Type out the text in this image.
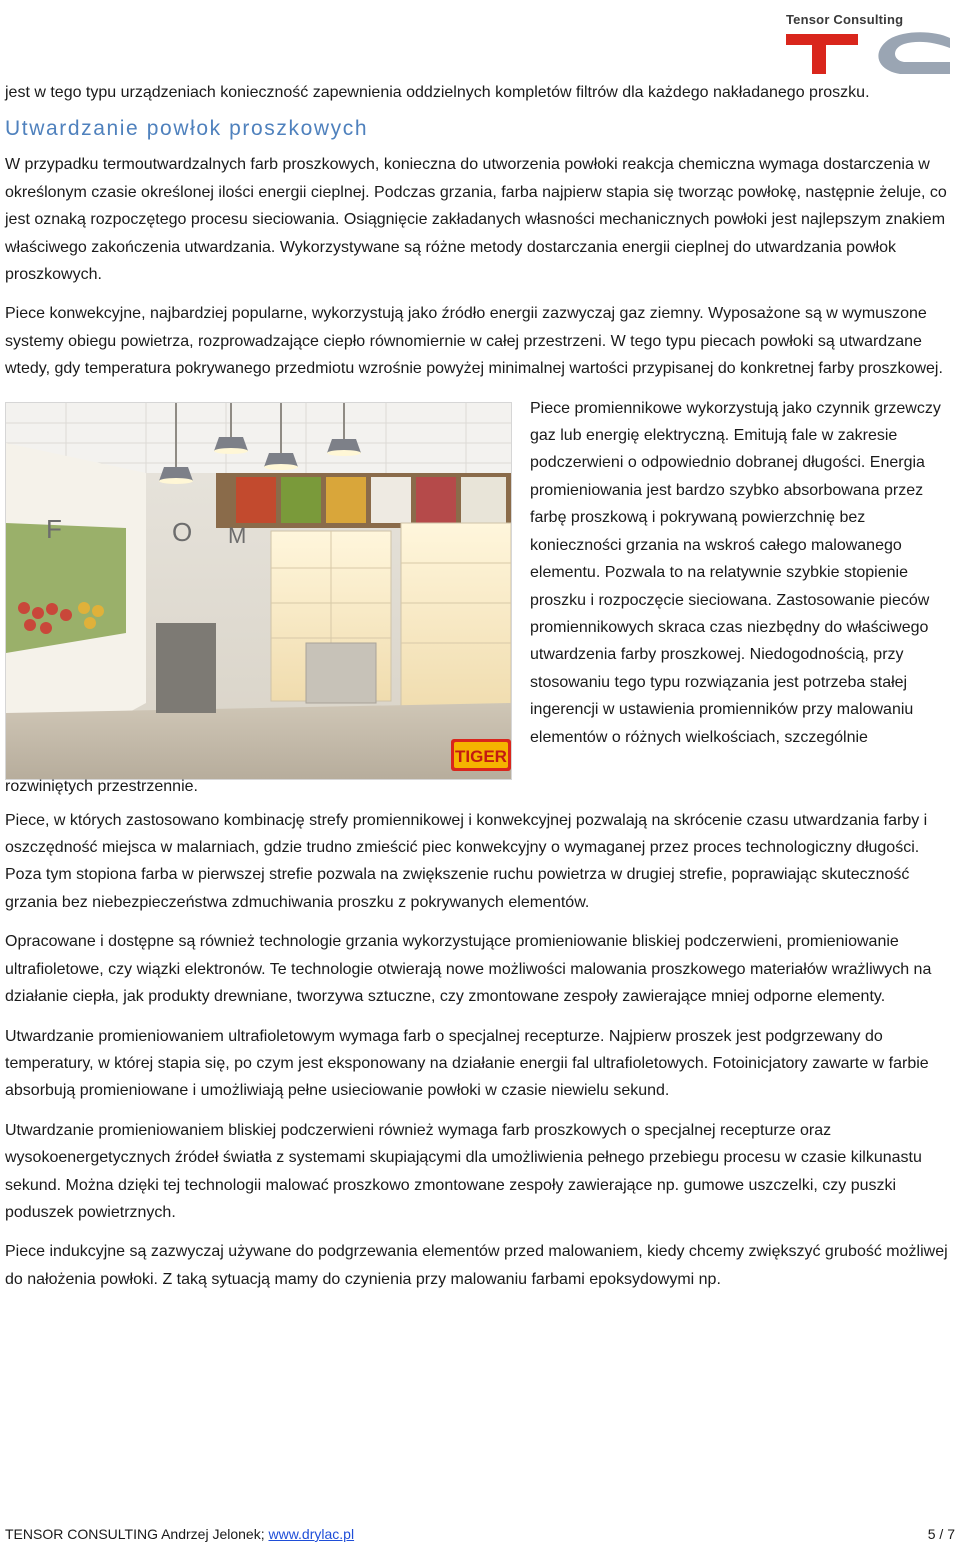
Tensor Consulting

jest w tego typu urządzeniach konieczność zapewnienia oddzielnych kompletów filtrów dla każdego nakładanego proszku.

Utwardzanie powłok proszkowych

W przypadku termoutwardzalnych farb proszkowych, konieczna do utworzenia powłoki reakcja chemiczna wymaga dostarczenia w określonym czasie określonej ilości energii cieplnej. Podczas grzania, farba najpierw stapia się tworząc powłokę, następnie żeluje, co jest oznaką rozpoczętego procesu sieciowania. Osiągnięcie zakładanych własności mechanicznych powłoki jest najlepszym znakiem właściwego zakończenia utwardzania. Wykorzystywane są różne metody dostarczania energii cieplnej do utwardzania powłok proszkowych.

Piece konwekcyjne, najbardziej popularne, wykorzystują jako źródło energii zazwyczaj gaz ziemny. Wyposażone są w wymuszone systemy obiegu powietrza, rozprowadzające ciepło równomiernie w całej przestrzeni. W tego typu piecach powłoki są utwardzane wtedy, gdy temperatura pokrywanego przedmiotu wzrośnie powyżej minimalnej wartości przypisanej do konkretnej farby proszkowej.

F	O M

Piece promiennikowe wykorzystują jako czynnik grzewczy gaz lub energię elektryczną. Emitują fale w zakresie podczerwieni o odpowiednio dobranej długości. Energia promieniowania jest bardzo szybko absorbowana przez farbę proszkową i pokrywaną powierzchnię bez konieczności grzania na wskroś całego malowanego elementu. Pozwala to na relatywnie szybkie stopienie proszku i rozpoczęcie sieciowana. Zastosowanie pieców promiennikowych skraca czas niezbędny do właściwego utwardzenia farby proszkowej. Niedogodnością, przy stosowaniu tego typu rozwiązania jest potrzeba stałej ingerencji w ustawienia promienników przy malowaniu elementów o różnych wielkościach, szczególnie

TIGER

rozwiniętych przestrzennie.

Piece, w których zastosowano kombinację strefy promiennikowej i konwekcyjnej pozwalają na skrócenie czasu utwardzania farby i oszczędność miejsca w malarniach, gdzie trudno zmieścić piec konwekcyjny o wymaganej przez proces technologiczny długości. Poza tym stopiona farba w pierwszej strefie pozwala na zwiększenie ruchu powietrza w drugiej strefie, poprawiając skuteczność grzania bez niebezpieczeństwa zdmuchiwania proszku z pokrywanych elementów.

Opracowane i dostępne są również technologie grzania wykorzystujące promieniowanie bliskiej podczerwieni, promieniowanie ultrafioletowe, czy wiązki elektronów. Te technologie otwierają nowe możliwości malowania proszkowego materiałów wrażliwych na działanie ciepła, jak produkty drewniane, tworzywa sztuczne, czy zmontowane zespoły zawierające mniej odporne elementy.

Utwardzanie promieniowaniem ultrafioletowym wymaga farb o specjalnej recepturze. Najpierw proszek jest podgrzewany do temperatury, w której stapia się, po czym jest eksponowany na działanie energii fal ultrafioletowych. Fotoinicjatory zawarte w farbie absorbują promieniowane i umożliwiają pełne usieciowanie powłoki w czasie niewielu sekund.

Utwardzanie promieniowaniem bliskiej podczerwieni również wymaga farb proszkowych o specjalnej recepturze oraz wysokoenergetycznych źródeł światła z systemami skupiającymi dla umożliwienia pełnego przebiegu procesu w czasie kilkunastu sekund. Można dzięki tej technologii malować proszkowo zmontowane zespoły zawierające np. gumowe uszczelki, czy puszki poduszek powietrznych.

Piece indukcyjne są zazwyczaj używane do podgrzewania elementów przed malowaniem, kiedy chcemy zwiększyć grubość możliwej do nałożenia powłoki. Z taką sytuacją mamy do czynienia przy malowaniu farbami epoksydowymi np.

TENSOR CONSULTING Andrzej Jelonek; www.drylac.pl	5 / 7
